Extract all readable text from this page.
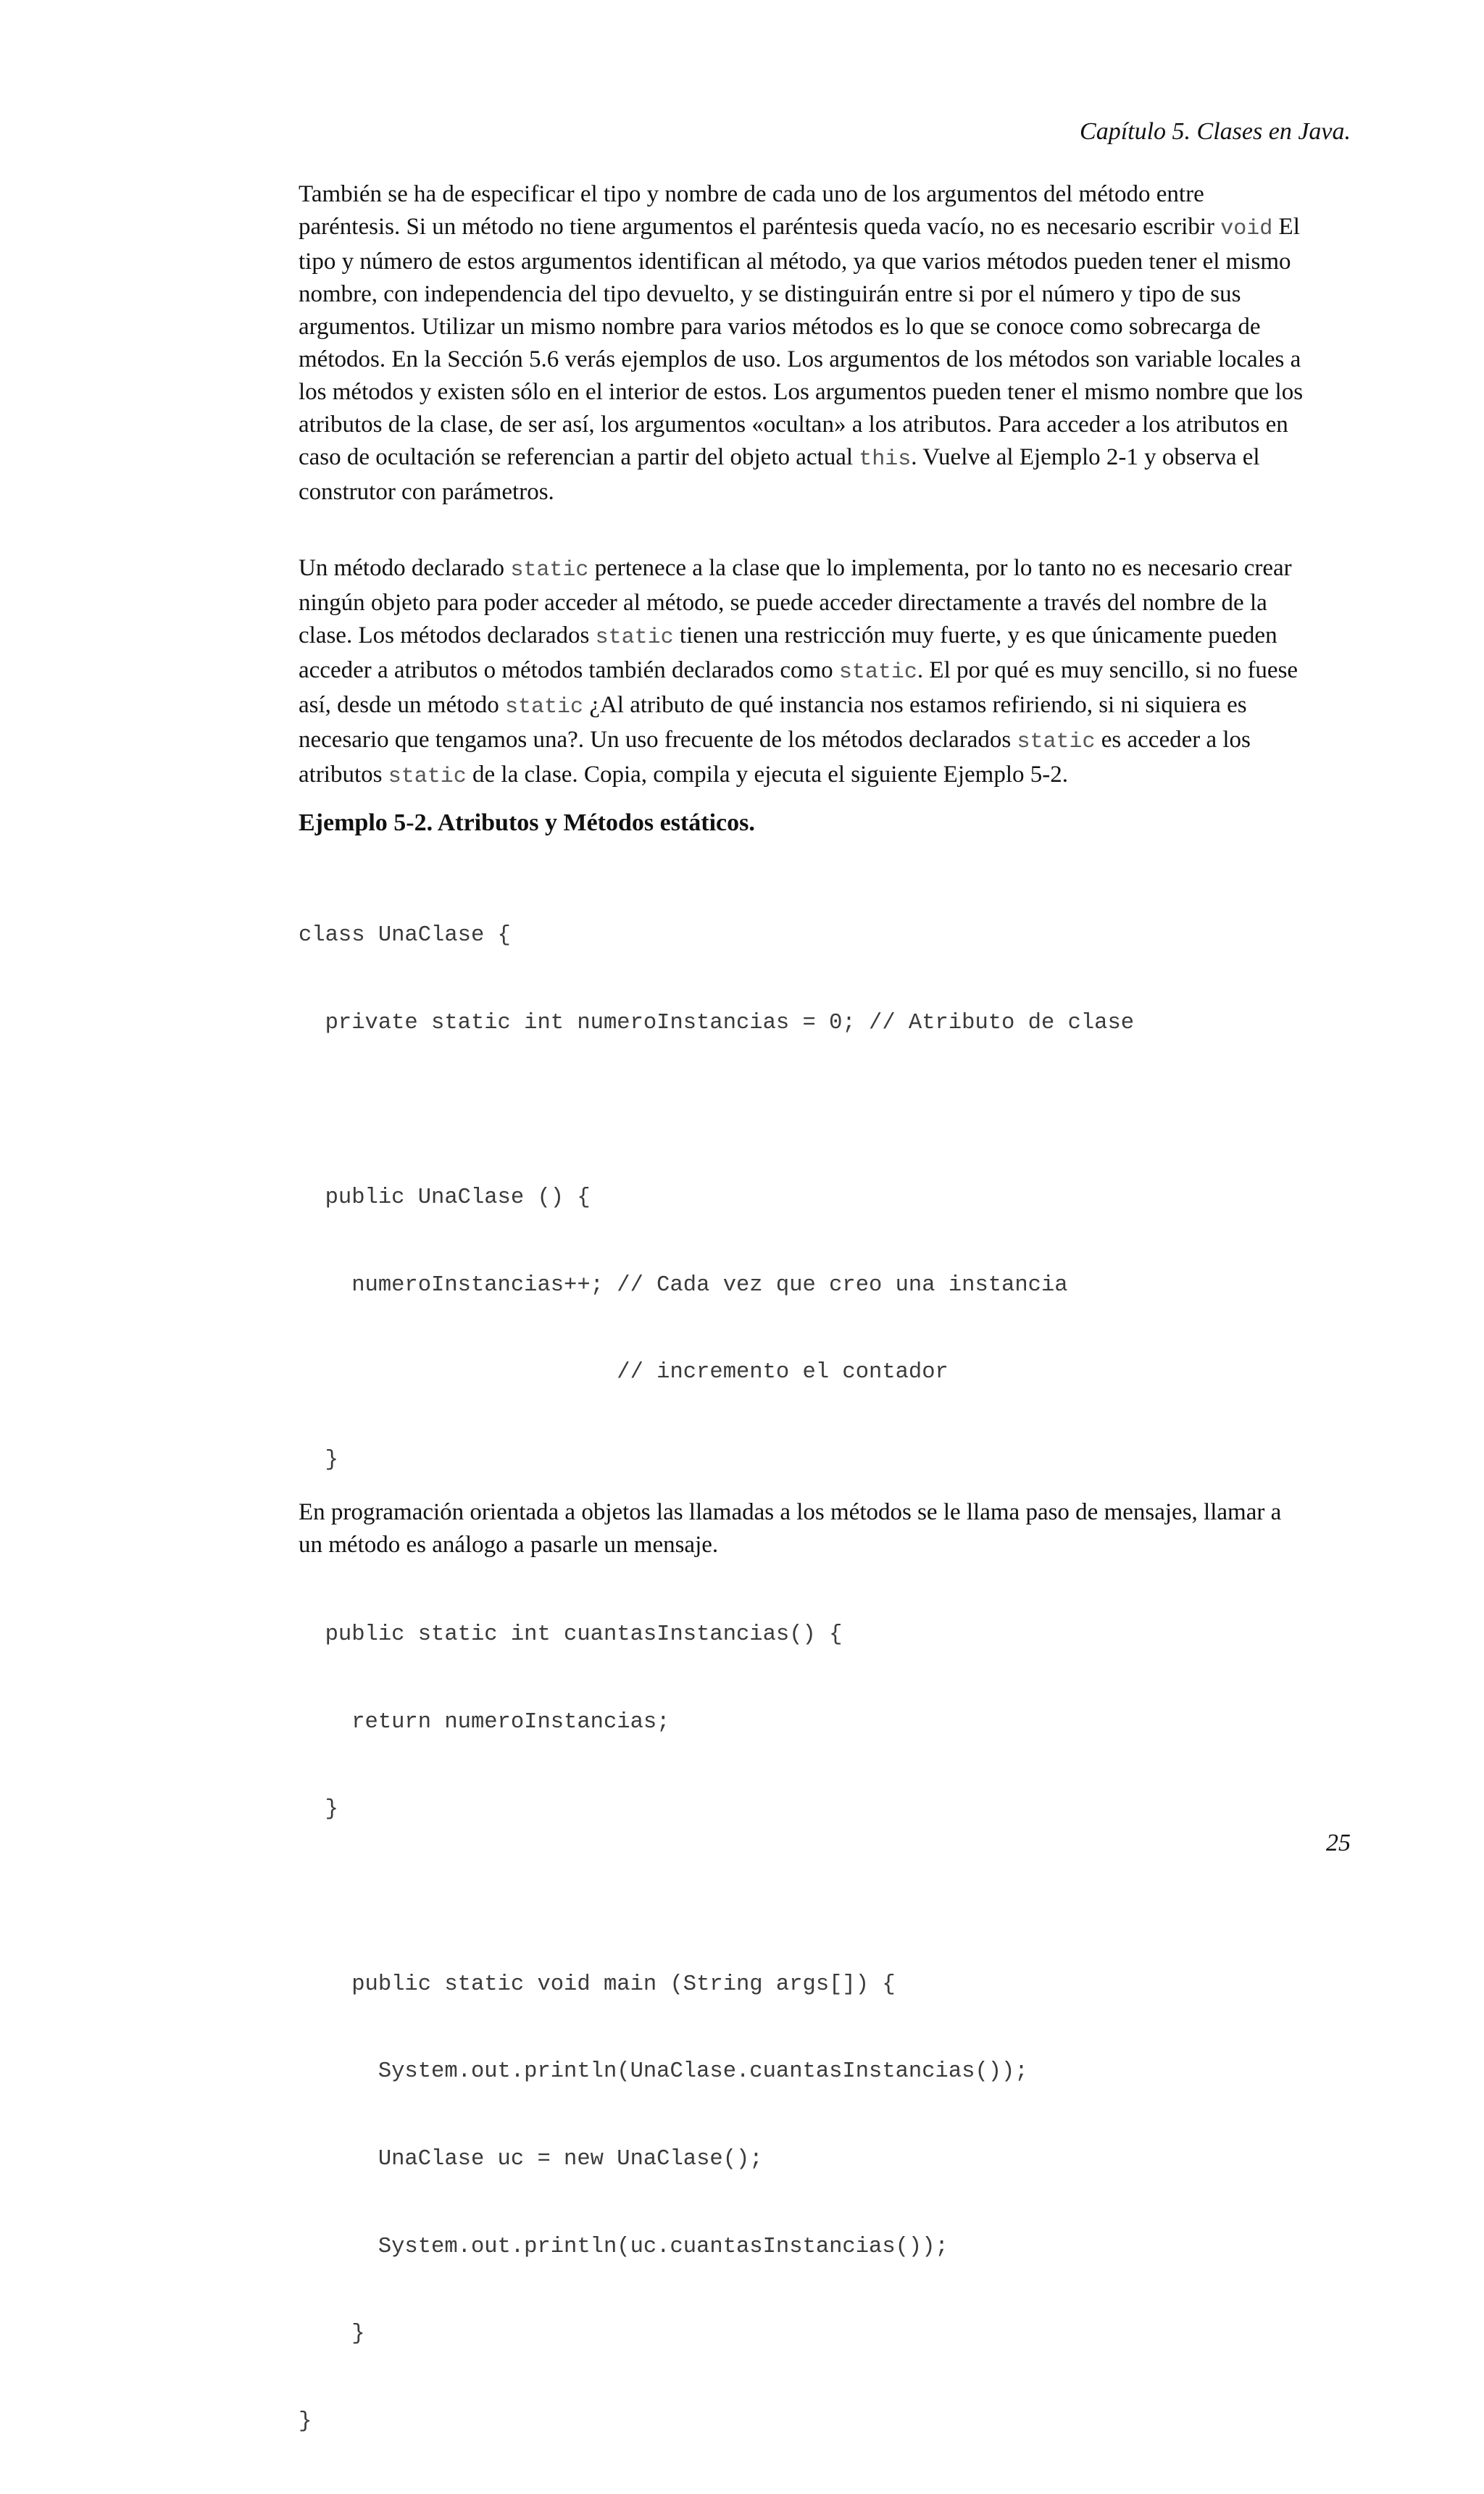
Capítulo 5. Clases en Java.

También se ha de especificar el tipo y nombre de cada uno de los argumentos del método entre
paréntesis. Si un método no tiene argumentos el paréntesis queda vacío, no es necesario escribir void El
tipo y número de estos argumentos identifican al método, ya que varios métodos pueden tener el mismo
nombre, con independencia del tipo devuelto, y se distinguirán entre si por el número y tipo de sus
argumentos. Utilizar un mismo nombre para varios métodos es lo que se conoce como sobrecarga de
métodos. En la Sección 5.6 verás ejemplos de uso. Los argumentos de los métodos son variable locales a
los métodos y existen sólo en el interior de estos. Los argumentos pueden tener el mismo nombre que los
atributos de la clase, de ser así, los argumentos «ocultan» a los atributos. Para acceder a los atributos en
caso de ocultación se referencian a partir del objeto actual this. Vuelve al Ejemplo 2-1 y observa el
construtor con parámetros.

Un método declarado static pertenece a la clase que lo implementa, por lo tanto no es necesario crear
ningún objeto para poder acceder al método, se puede acceder directamente a través del nombre de la
clase. Los métodos declarados static tienen una restricción muy fuerte, y es que únicamente pueden
acceder a atributos o métodos también declarados como static. El por qué es muy sencillo, si no fuese
así, desde un método static ¿Al atributo de qué instancia nos estamos refiriendo, si ni siquiera es
necesario que tengamos una?. Un uso frecuente de los métodos declarados static es acceder a los
atributos static de la clase. Copia, compila y ejecuta el siguiente Ejemplo 5-2.

Ejemplo 5-2. Atributos y Métodos estáticos.

class UnaClase {

private static int numeroInstancias = 0; // Atributo de clase

public UnaClase () {

numeroInstancias++; // Cada vez que creo una instancia

// incremento el contador

}

public static int cuantasInstancias() {

return numeroInstancias;

}

public static void main (String args[]) {

System.out.println(UnaClase.cuantasInstancias());

UnaClase uc = new UnaClase();

System.out.println(uc.cuantasInstancias());

}

}

En programación orientada a objetos las llamadas a los métodos se le llama paso de mensajes, llamar a
un método es análogo a pasarle un mensaje.

25
